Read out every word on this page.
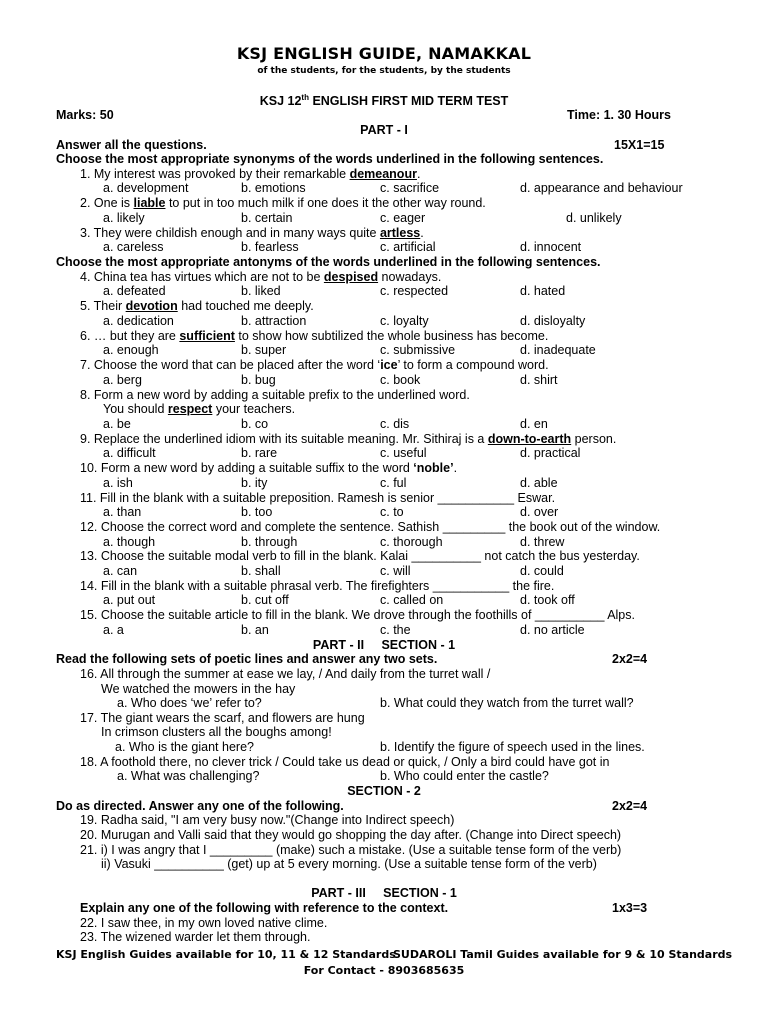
KSJ ENGLISH GUIDE, NAMAKKAL
of the students, for the students, by the students
KSJ 12th ENGLISH FIRST MID TERM TEST
Marks: 50	Time: 1. 30 Hours
PART - I
Answer all the questions.	15X1=15
Choose the most appropriate synonyms of the words underlined in the following sentences.
1. My interest was provoked by their remarkable demeanour.
a. development	b. emotions	c. sacrifice	d. appearance and behaviour
2. One is liable to put in too much milk if one does it the other way round.
a. likely	b. certain	c. eager	d. unlikely
3. They were childish enough and in many ways quite artless.
a. careless	b. fearless	c. artificial	d. innocent
Choose the most appropriate antonyms of the words underlined in the following sentences.
4. China tea has virtues which are not to be despised nowadays.
a. defeated	b. liked	c. respected	d. hated
5. Their devotion had touched me deeply.
a. dedication	b. attraction	c. loyalty	d. disloyalty
6. … but they are sufficient to show how subtilized the whole business has become.
a. enough	b. super	c. submissive	d. inadequate
7. Choose the word that can be placed after the word ‘ice’ to form a compound word.
a. berg	b. bug	c. book	d. shirt
8. Form a new word by adding a suitable prefix to the underlined word.
You should respect your teachers.
a. be	b. co	c. dis	d. en
9. Replace the underlined idiom with its suitable meaning. Mr. Sithiraj is a down-to-earth person.
a. difficult	b. rare	c. useful	d. practical
10. Form a new word by adding a suitable suffix to the word ‘noble’.
a. ish	b. ity	c. ful	d. able
11. Fill in the blank with a suitable preposition. Ramesh is senior ___________ Eswar.
a. than	b. too	c. to	d. over
12. Choose the correct word and complete the sentence. Sathish _________ the book out of the window.
a. though	b. through	c. thorough	d. threw
13. Choose the suitable modal verb to fill in the blank. Kalai __________ not catch the bus yesterday.
a. can	b. shall	c. will	d. could
14. Fill in the blank with a suitable phrasal verb. The firefighters ___________ the fire.
a. put out	b. cut off	c. called on	d. took off
15. Choose the suitable article to fill in the blank. We drove through the foothills of __________ Alps.
a. a	b. an	c. the	d. no article
PART - II     SECTION - 1
Read the following sets of poetic lines and answer any two sets.	2x2=4
16. All through the summer at ease we lay, / And daily from the turret wall /
We watched the mowers in the hay
a. Who does ‘we’ refer to?	b. What could they watch from the turret wall?
17. The giant wears the scarf, and flowers are hung
In crimson clusters all the boughs among!
a. Who is the giant here?	b. Identify the figure of speech used in the lines.
18. A foothold there, no clever trick / Could take us dead or quick, / Only a bird could have got in
a. What was challenging?	b. Who could enter the castle?
SECTION - 2
Do as directed. Answer any one of the following.	2x2=4
19. Radha said, "I am very busy now."(Change into Indirect speech)
20. Murugan and Valli said that they would go shopping the day after. (Change into Direct speech)
21. i) I was angry that I _________ (make) such a mistake. (Use a suitable tense form of the verb)
ii) Vasuki __________ (get) up at 5 every morning. (Use a suitable tense form of the verb)
PART - III     SECTION - 1
Explain any one of the following with reference to the context.	1x3=3
22. I saw thee, in my own loved native clime.
23. The wizened warder let them through.
KSJ English Guides available for 10, 11 & 12 Standards
SUDAROLI Tamil Guides available for 9 & 10 Standards
For Contact - 8903685635
